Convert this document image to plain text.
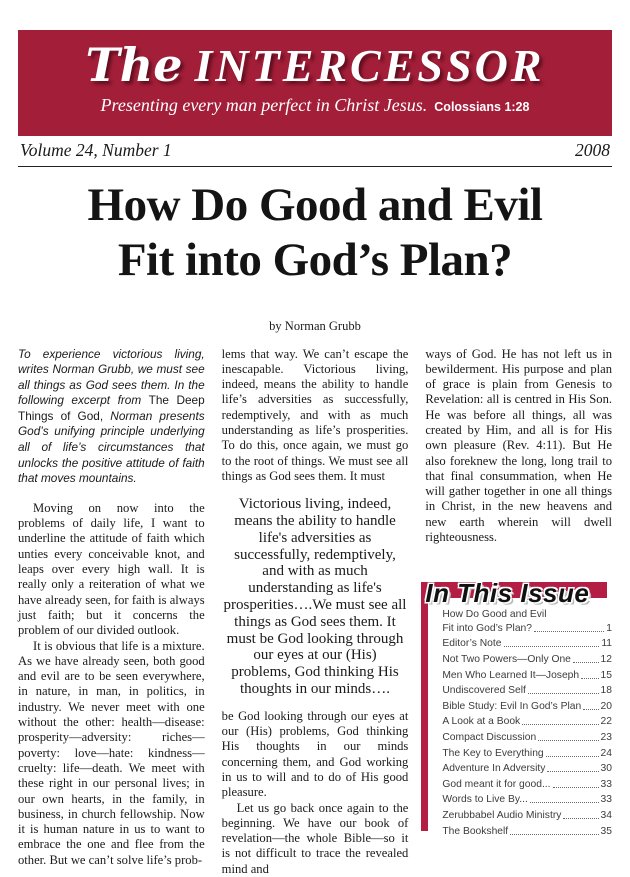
The INTERCESSOR
Presenting every man perfect in Christ Jesus. Colossians 1:28
Volume 24, Number 1	2008
How Do Good and Evil
Fit into God’s Plan?
by Norman Grubb

To experience victorious living, writes Norman Grubb, we must see all things as God sees them. In the following excerpt from The Deep Things of God, Norman presents God’s unifying principle underlying all of life’s circumstances that unlocks the positive attitude of faith that moves mountains.

Moving on now into the problems of daily life, I want to underline the attitude of faith which unties every conceivable knot, and leaps over every high wall. It is really only a reiteration of what we have already seen, for faith is always just faith; but it concerns the problem of our divided outlook.

It is obvious that life is a mixture. As we have already seen, both good and evil are to be seen everywhere, in nature, in man, in politics, in industry. We never meet with one without the other: health—disease: prosperity—adversity: riches—poverty: love—hate: kindness—cruelty: life—death. We meet with these right in our personal lives; in our own hearts, in the family, in business, in church fellowship. Now it is human nature in us to want to embrace the one and flee from the other. But we can’t solve life’s prob-

lems that way. We can’t escape the inescapable. Victorious living, indeed, means the ability to handle life’s adversities as successfully, redemptively, and with as much understanding as life’s prosperities. To do this, once again, we must go to the root of things. We must see all things as God sees them. It must

Victorious living, indeed, means the ability to handle life's adversities as successfully, redemptively, and with as much understanding as life's prosperities….We must see all things as God sees them. It must be God looking through our eyes at our (His) problems, God thinking His thoughts in our minds….

be God looking through our eyes at our (His) problems, God thinking His thoughts in our minds concerning them, and God working in us to will and to do of His good pleasure.

Let us go back once again to the beginning. We have our book of revelation—the whole Bible—so it is not difficult to trace the revealed mind and

ways of God. He has not left us in bewilderment. His purpose and plan of grace is plain from Genesis to Revelation: all is centred in His Son. He was before all things, all was created by Him, and all is for His own pleasure (Rev. 4:11). But He also foreknew the long, long trail to that final consummation, when He will gather together in one all things in Christ, in the new heavens and new earth wherein will dwell righteousness.

In This Issue
How Do Good and Evil
Fit into God’s Plan?	1
Editor’s Note	11
Not Two Powers—Only One	12
Men Who Learned It—Joseph 15
Undiscovered Self	18
Bible Study: Evil In God’s Plan 20
A Look at a Book	22
Compact Discussion	23
The Key to Everything	24
Adventure In Adversity	30
God meant it for good...	33
Words to Live By...	33
Zerubbabel Audio Ministry	34
The Bookshelf	35
